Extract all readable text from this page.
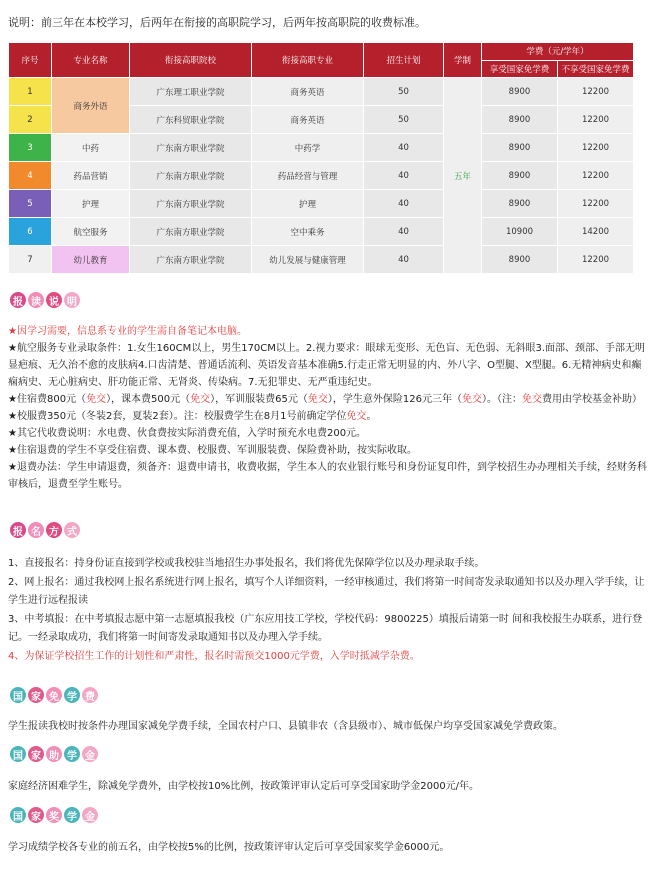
说明：前三年在本校学习，后两年在衔接的高职院学习，后两年按高职院的收费标准。
序号	专业名称	衔接高职院校	衔接高职专业	招生计划	学制	学费（元/学年）	
						享受国家免学费	不享受国家免学费
1	商务外语	广东理工职业学院	商务英语	50	五年	8900	12200
2		广东科贸职业学院	商务英语	50		8900	12200
3	中药	广东南方职业学院	中药学	40		8900	12200
4	药品营销	广东南方职业学院	药品经营与管理	40		8900	12200
5	护理	广东南方职业学院	护理	40		8900	12200
6	航空服务	广东南方职业学院	空中乘务	40		10900	14200
7	幼儿教育	广东南方职业学院	幼儿发展与健康管理	40		8900	12200
报 读 说 明
★因学习需要，信息系专业的学生需自备笔记本电脑。
★航空服务专业录取条件：1.女生160CM以上，男生170CM以上。2.视力要求：眼球无变形、无色盲、无色弱、无斜眼3.面部、颈部、手部无明显疤痕、无久治不愈的皮肤病4.口齿清楚、普通话流利、英语发音基本准确5.行走正常无明显的内、外八字、O型腿、X型腿。6.无精神病史和癫痫病史、无心脏病史、肝功能正常、无肾炎、传染病。7.无犯罪史、无严重违纪史。
★住宿费800元（免交），课本费500元（免交），军训服装费65元（免交），学生意外保险126元三年（免交）。（注：免交费用由学校基金补助）
★校服费350元（冬装2套，夏装2套）。注：校服费学生在8月1号前确定学位免交。
★其它代收费说明：水电费、伙食费按实际消费充值，入学时预充水电费200元。
★住宿退费的学生不享受住宿费、课本费、校服费、军训服装费、保险费补助，按实际收取。
★退费办法：学生申请退费，须备齐：退费申请书，收费收据，学生本人的农业银行账号和身份证复印件，到学校招生办办理相关手续，经财务科审核后，退费至学生账号。
报 名 方 式
1、直接报名：持身份证直接到学校或我校驻当地招生办事处报名，我们将优先保障学位以及办理录取手续。
2、网上报名：通过我校网上报名系统进行网上报名，填写个人详细资料，一经审核通过，我们将第一时间寄发录取通知书以及办理入学手续，让学生进行远程报读
3、中考填报：在中考填报志愿中第一志愿填报我校（广东应用技工学校，学校代码：9800225）填报后请第一时 间和我校报生办联系，进行登记。一经录取成功，我们将第一时间寄发录取通知书以及办理入学手续。
4、为保证学校招生工作的计划性和严肃性，报名时需预交1000元学费，入学时抵减学杂费。
国 家 免 学 费
学生报读我校时按条件办理国家减免学费手续，全国农村户口、县镇非农（含县级市）、城市低保户均享受国家减免学费政策。
国 家 助 学 金
家庭经济困难学生，除减免学费外，由学校按10%比例，按政策评审认定后可享受国家助学金2000元/年。
国 家 奖 学 金
学习成绩学校各专业的前五名，由学校按5%的比例，按政策评审认定后可享受国家奖学金6000元。
